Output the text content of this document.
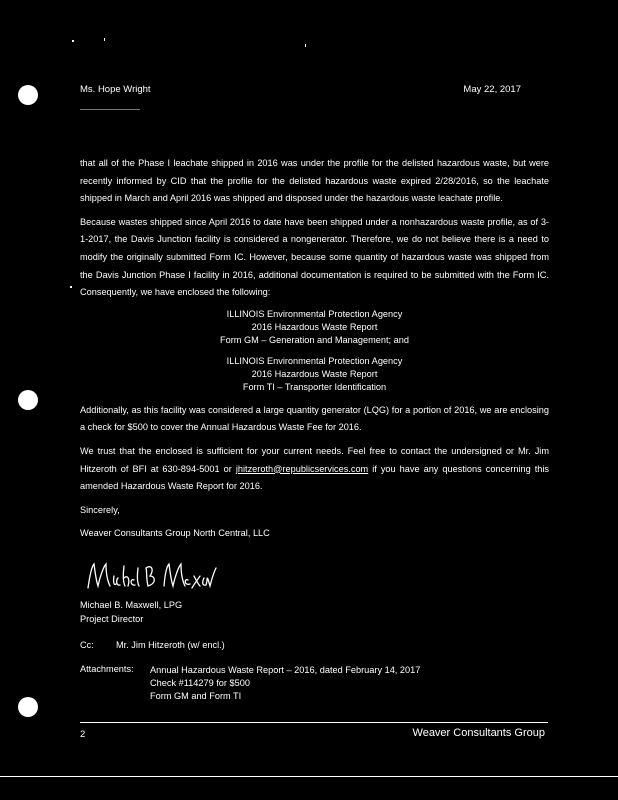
Ms. Hope Wright	May 22, 2017

that all of the Phase I leachate shipped in 2016 was under the profile for the delisted hazardous waste, but were recently informed by CID that the profile for the delisted hazardous waste expired 2/28/2016, so the leachate shipped in March and April 2016 was shipped and disposed under the hazardous waste leachate profile.

Because wastes shipped since April 2016 to date have been shipped under a nonhazardous waste profile, as of 3-1-2017, the Davis Junction facility is considered a nongenerator. Therefore, we do not believe there is a need to modify the originally submitted Form IC. However, because some quantity of hazardous waste was shipped from the Davis Junction Phase I facility in 2016, additional documentation is required to be submitted with the Form IC. Consequently, we have enclosed the following:

ILLINOIS Environmental Protection Agency
2016 Hazardous Waste Report
Form GM – Generation and Management; and
ILLINOIS Environmental Protection Agency
2016 Hazardous Waste Report
Form TI – Transporter Identification

Additionally, as this facility was considered a large quantity generator (LQG) for a portion of 2016, we are enclosing a check for $500 to cover the Annual Hazardous Waste Fee for 2016.

We trust that the enclosed is sufficient for your current needs. Feel free to contact the undersigned or Mr. Jim Hitzeroth of BFI at 630-894-5001 or jhitzeroth@republicservices.com if you have any questions concerning this amended Hazardous Waste Report for 2016.

Sincerely,

Weaver Consultants Group North Central, LLC

Michael B. Maxwell, LPG
Project Director
Cc:	Mr. Jim Hitzeroth (w/ encl.)
Attachments:	Annual Hazardous Waste Report – 2016, dated February 14, 2017
Check #114279 for $500
Form GM and Form TI
2	Weaver Consultants Group
